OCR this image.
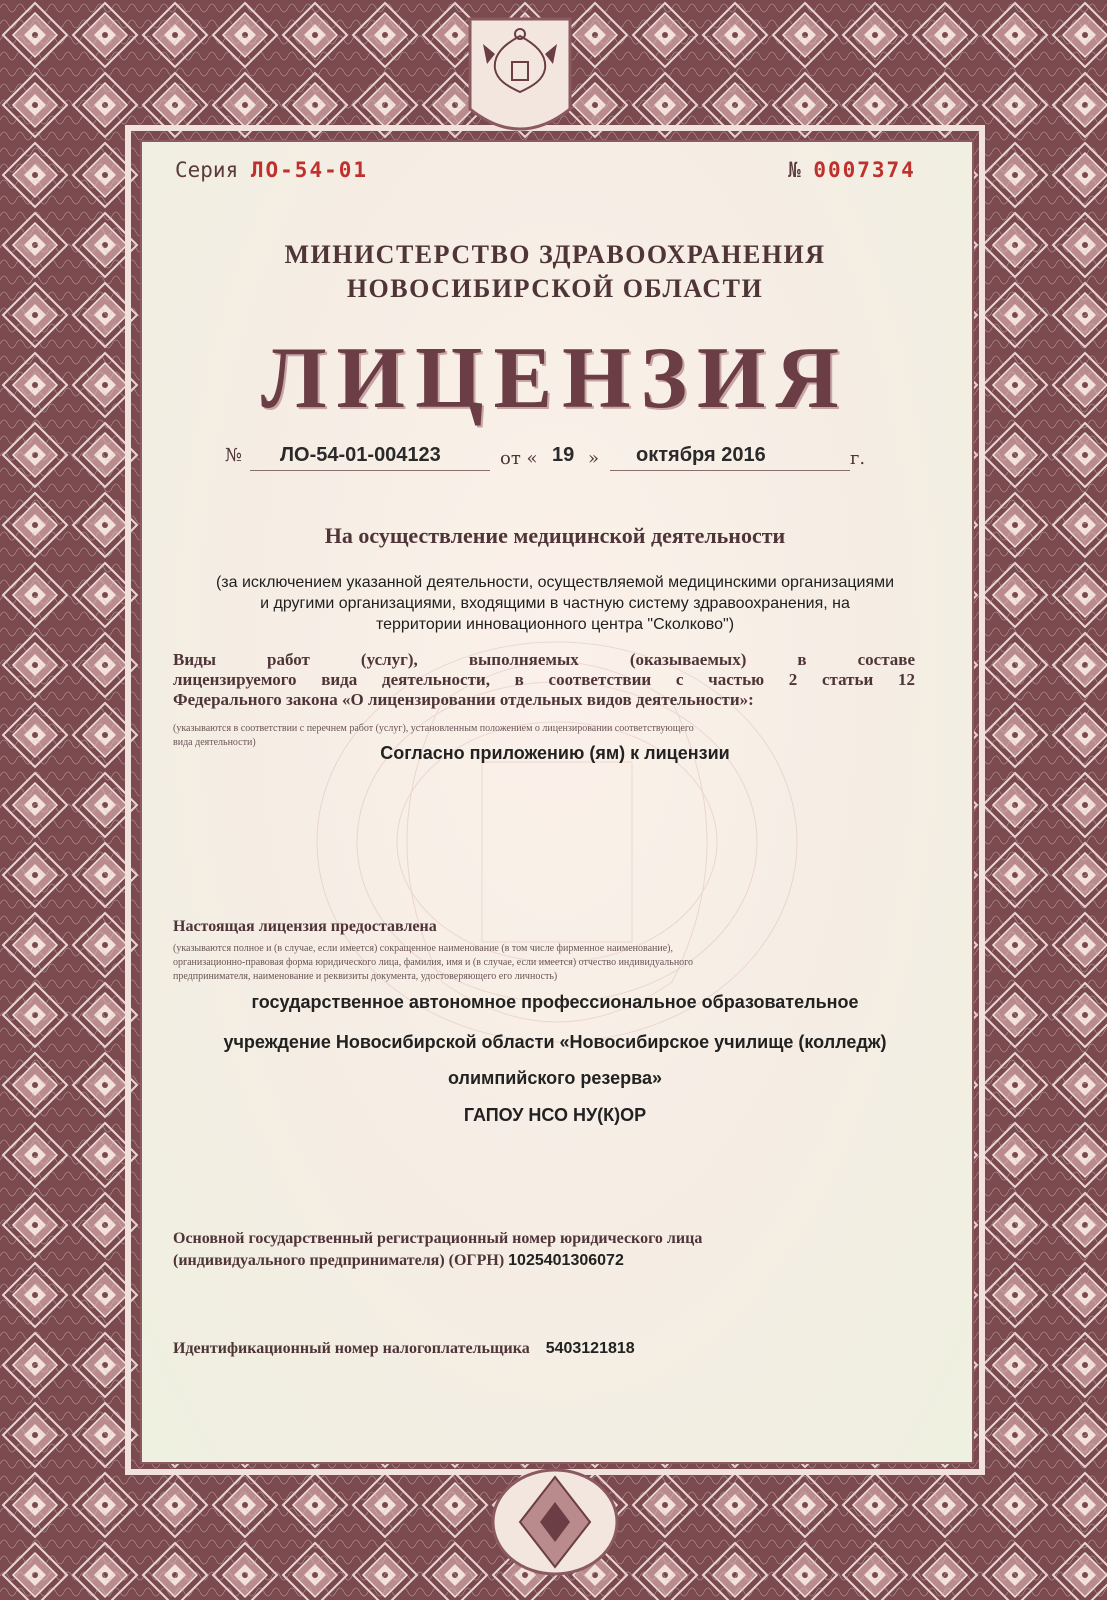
Серия ЛО-54-01	№ 0007374
МИНИСТЕРСТВО ЗДРАВООХРАНЕНИЯ
НОВОСИБИРСКОЙ ОБЛАСТИ
ЛИЦЕНЗИЯ
№ ЛО-54-01-004123	от « 19 » октября 2016	г.
На осуществление медицинской деятельности
(за исключением указанной деятельности, осуществляемой медицинскими организациями
и другими организациями, входящими в частную систему здравоохранения, на
территории инновационного центра "Сколково")
Виды работ (услуг), выполняемых (оказываемых) в составе
лицензируемого вида деятельности, в соответствии с частью 2 статьи 12
Федерального закона «О лицензировании отдельных видов деятельности»:
(указываются в соответствии с перечнем работ (услуг), установленным положением о лицензировании соответствующего
вида деятельности)
Согласно приложению (ям) к лицензии
Настоящая лицензия предоставлена
(указываются полное и (в случае, если имеется) сокращенное наименование (в том числе фирменное наименование),
организационно-правовая форма юридического лица, фамилия, имя и (в случае, если имеется) отчество индивидуального
предпринимателя, наименование и реквизиты документа, удостоверяющего его личность)
государственное автономное профессиональное образовательное
учреждение Новосибирской области «Новосибирское училище (колледж)
олимпийского резерва»
ГАПОУ НСО НУ(К)ОР
Основной государственный регистрационный номер юридического лица
(индивидуального предпринимателя) (ОГРН) 1025401306072
Идентификационный номер налогоплательщика 5403121818
